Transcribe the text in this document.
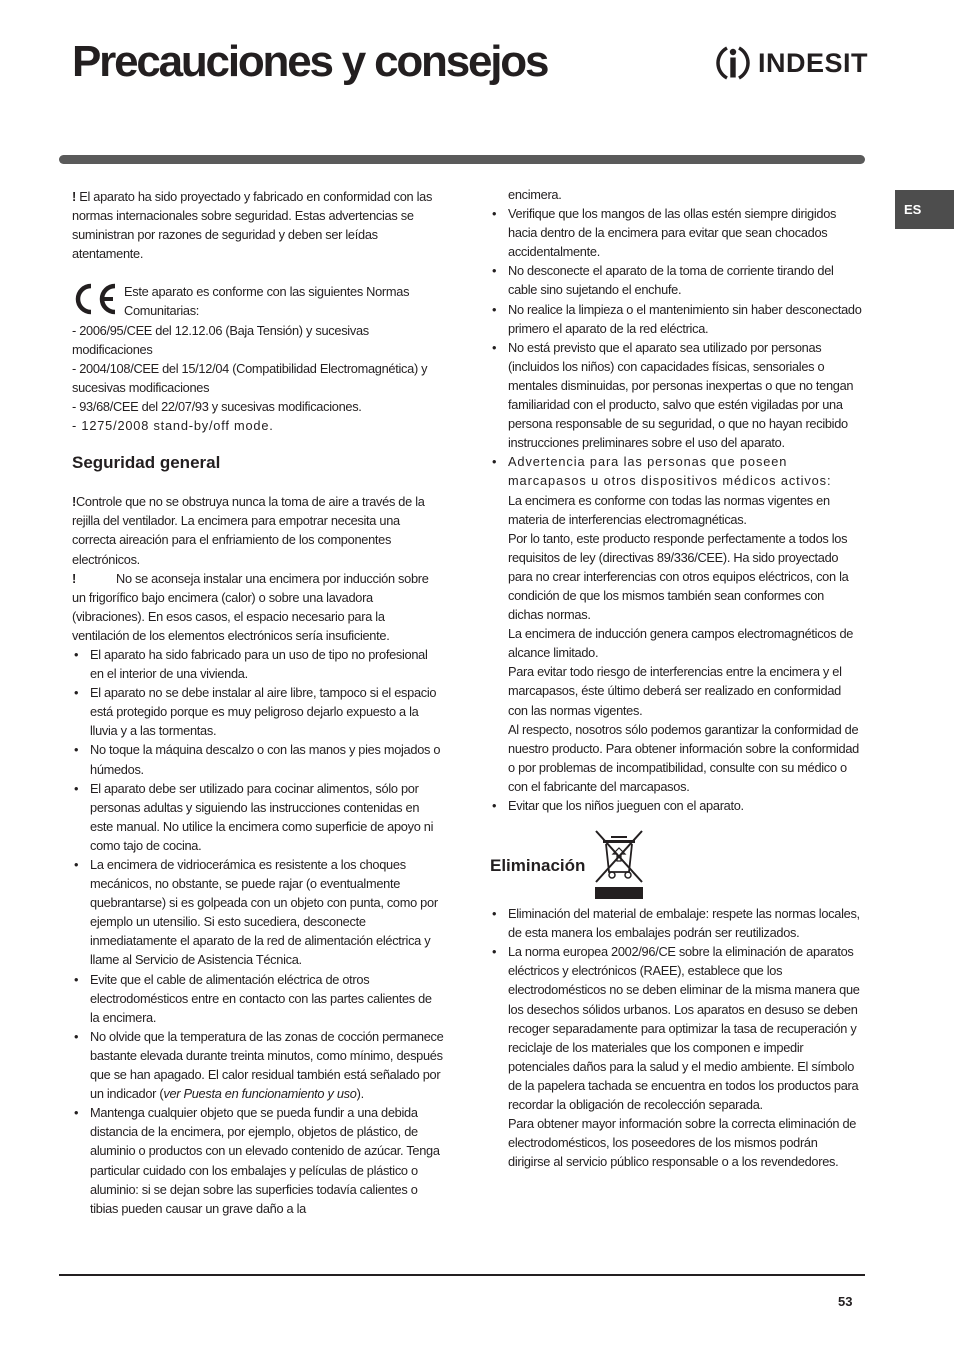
Precauciones y consejos	INDESIT
ES

! El aparato ha sido proyectado y fabricado en conformidad con las normas internacionales sobre seguridad. Estas advertencias se suministran por razones de seguridad y deben ser leídas atentamente.

Este aparato es conforme con las siguientes Normas Comunitarias:

- 2006/95/CEE del 12.12.06 (Baja Tensión) y sucesivas modificaciones

- 2004/108/CEE del 15/12/04 (Compatibilidad Electromagnética) y sucesivas modificaciones

- 93/68/CEE del 22/07/93 y sucesivas modificaciones.

- 1275/2008 stand-by/off mode.

Seguridad general

!Controle que no se obstruya nunca la toma de aire a través de la rejilla del ventilador. La encimera para empotrar necesita una correcta aireación para el enfriamiento de los componentes electrónicos.

!	No se aconseja instalar una encimera por inducción sobre un frigorífico bajo encimera (calor) o sobre una lavadora (vibraciones). En esos casos, el espacio necesario para la ventilación de los elementos electrónicos sería insuficiente.

• El aparato ha sido fabricado para un uso de tipo no profesional en el interior de una vivienda.
• El aparato no se debe instalar al aire libre, tampoco si el espacio está protegido porque es muy peligroso dejarlo expuesto a la lluvia y a las tormentas.
• No toque la máquina descalzo o con las manos y pies mojados o húmedos.
• El aparato debe ser utilizado para cocinar alimentos, sólo por personas adultas y siguiendo las instrucciones contenidas en este manual. No utilice la encimera como superficie de apoyo ni como tajo de cocina.
• La encimera de vidriocerámica es resistente a los choques mecánicos, no obstante, se puede rajar (o eventualmente quebrantarse) si es golpeada con un objeto con punta, como por ejemplo un utensilio. Si esto sucediera, desconecte inmediatamente el aparato de la red de alimentación eléctrica y llame al Servicio de Asistencia Técnica.
• Evite que el cable de alimentación eléctrica de otros electrodomésticos entre en contacto con las partes calientes de la encimera.
• No olvide que la temperatura de las zonas de cocción permanece bastante elevada durante treinta minutos, como mínimo, después que se han apagado. El calor residual también está señalado por un indicador (ver Puesta en funcionamiento y uso).
• Mantenga cualquier objeto que se pueda fundir a una debida distancia de la encimera, por ejemplo, objetos de plástico, de aluminio o productos con un elevado contenido de azúcar. Tenga particular cuidado con los embalajes y películas de plástico o aluminio: si se dejan sobre las superficies todavía calientes o tibias pueden causar un grave daño a la

encimera.

• Verifique que los mangos de las ollas estén siempre dirigidos hacia dentro de la encimera para evitar que sean chocados accidentalmente.
• No desconecte el aparato de la toma de corriente tirando del cable sino sujetando el enchufe.
• No realice la limpieza o el mantenimiento sin haber desconectado primero el aparato de la red eléctrica.
• No está previsto que el aparato sea utilizado por personas (incluidos los niños) con capacidades físicas, sensoriales o mentales disminuidas, por personas inexpertas o que no tengan familiaridad con el producto, salvo que estén vigiladas por una persona responsable de su seguridad, o que no hayan recibido instrucciones preliminares sobre el uso del aparato.

• Advertencia para las personas que poseen marcapasos u otros dispositivos médicos activos:

La encimera es conforme con todas las normas vigentes en materia de interferencias electromagnéticas.

Por lo tanto, este producto responde perfectamente a todos los requisitos de ley (directivas 89/336/CEE). Ha sido proyectado para no crear interferencias con otros equipos eléctricos, con la condición de que los mismos también sean conformes con dichas normas.

La encimera de inducción genera campos electromagnéticos de alcance limitado.

Para evitar todo riesgo de interferencias entre la encimera y el marcapasos, éste último deberá ser realizado en conformidad con las normas vigentes.

Al respecto, nosotros sólo podemos garantizar la conformidad de nuestro producto. Para obtener información sobre la conformidad o por problemas de incompatibilidad, consulte con su médico o con el fabricante del marcapasos.

• Evitar que los niños jueguen con el aparato.
Eliminación
• Eliminación del material de embalaje: respete las normas locales, de esta manera los embalajes podrán ser reutilizados.

• La norma europea 2002/96/CE sobre la eliminación de aparatos eléctricos y electrónicos (RAEE), establece que los electrodomésticos no se deben eliminar de la misma manera que los desechos sólidos urbanos. Los aparatos en desuso se deben recoger separadamente para optimizar la tasa de recuperación y reciclaje de los materiales que los componen e impedir potenciales daños para la salud y el medio ambiente. El símbolo de la papelera tachada se encuentra en todos los productos para recordar la obligación de recolección separada.

Para obtener mayor información sobre la correcta eliminación de electrodomésticos, los poseedores de los mismos podrán dirigirse al servicio público responsable o a los revendedores.

53
